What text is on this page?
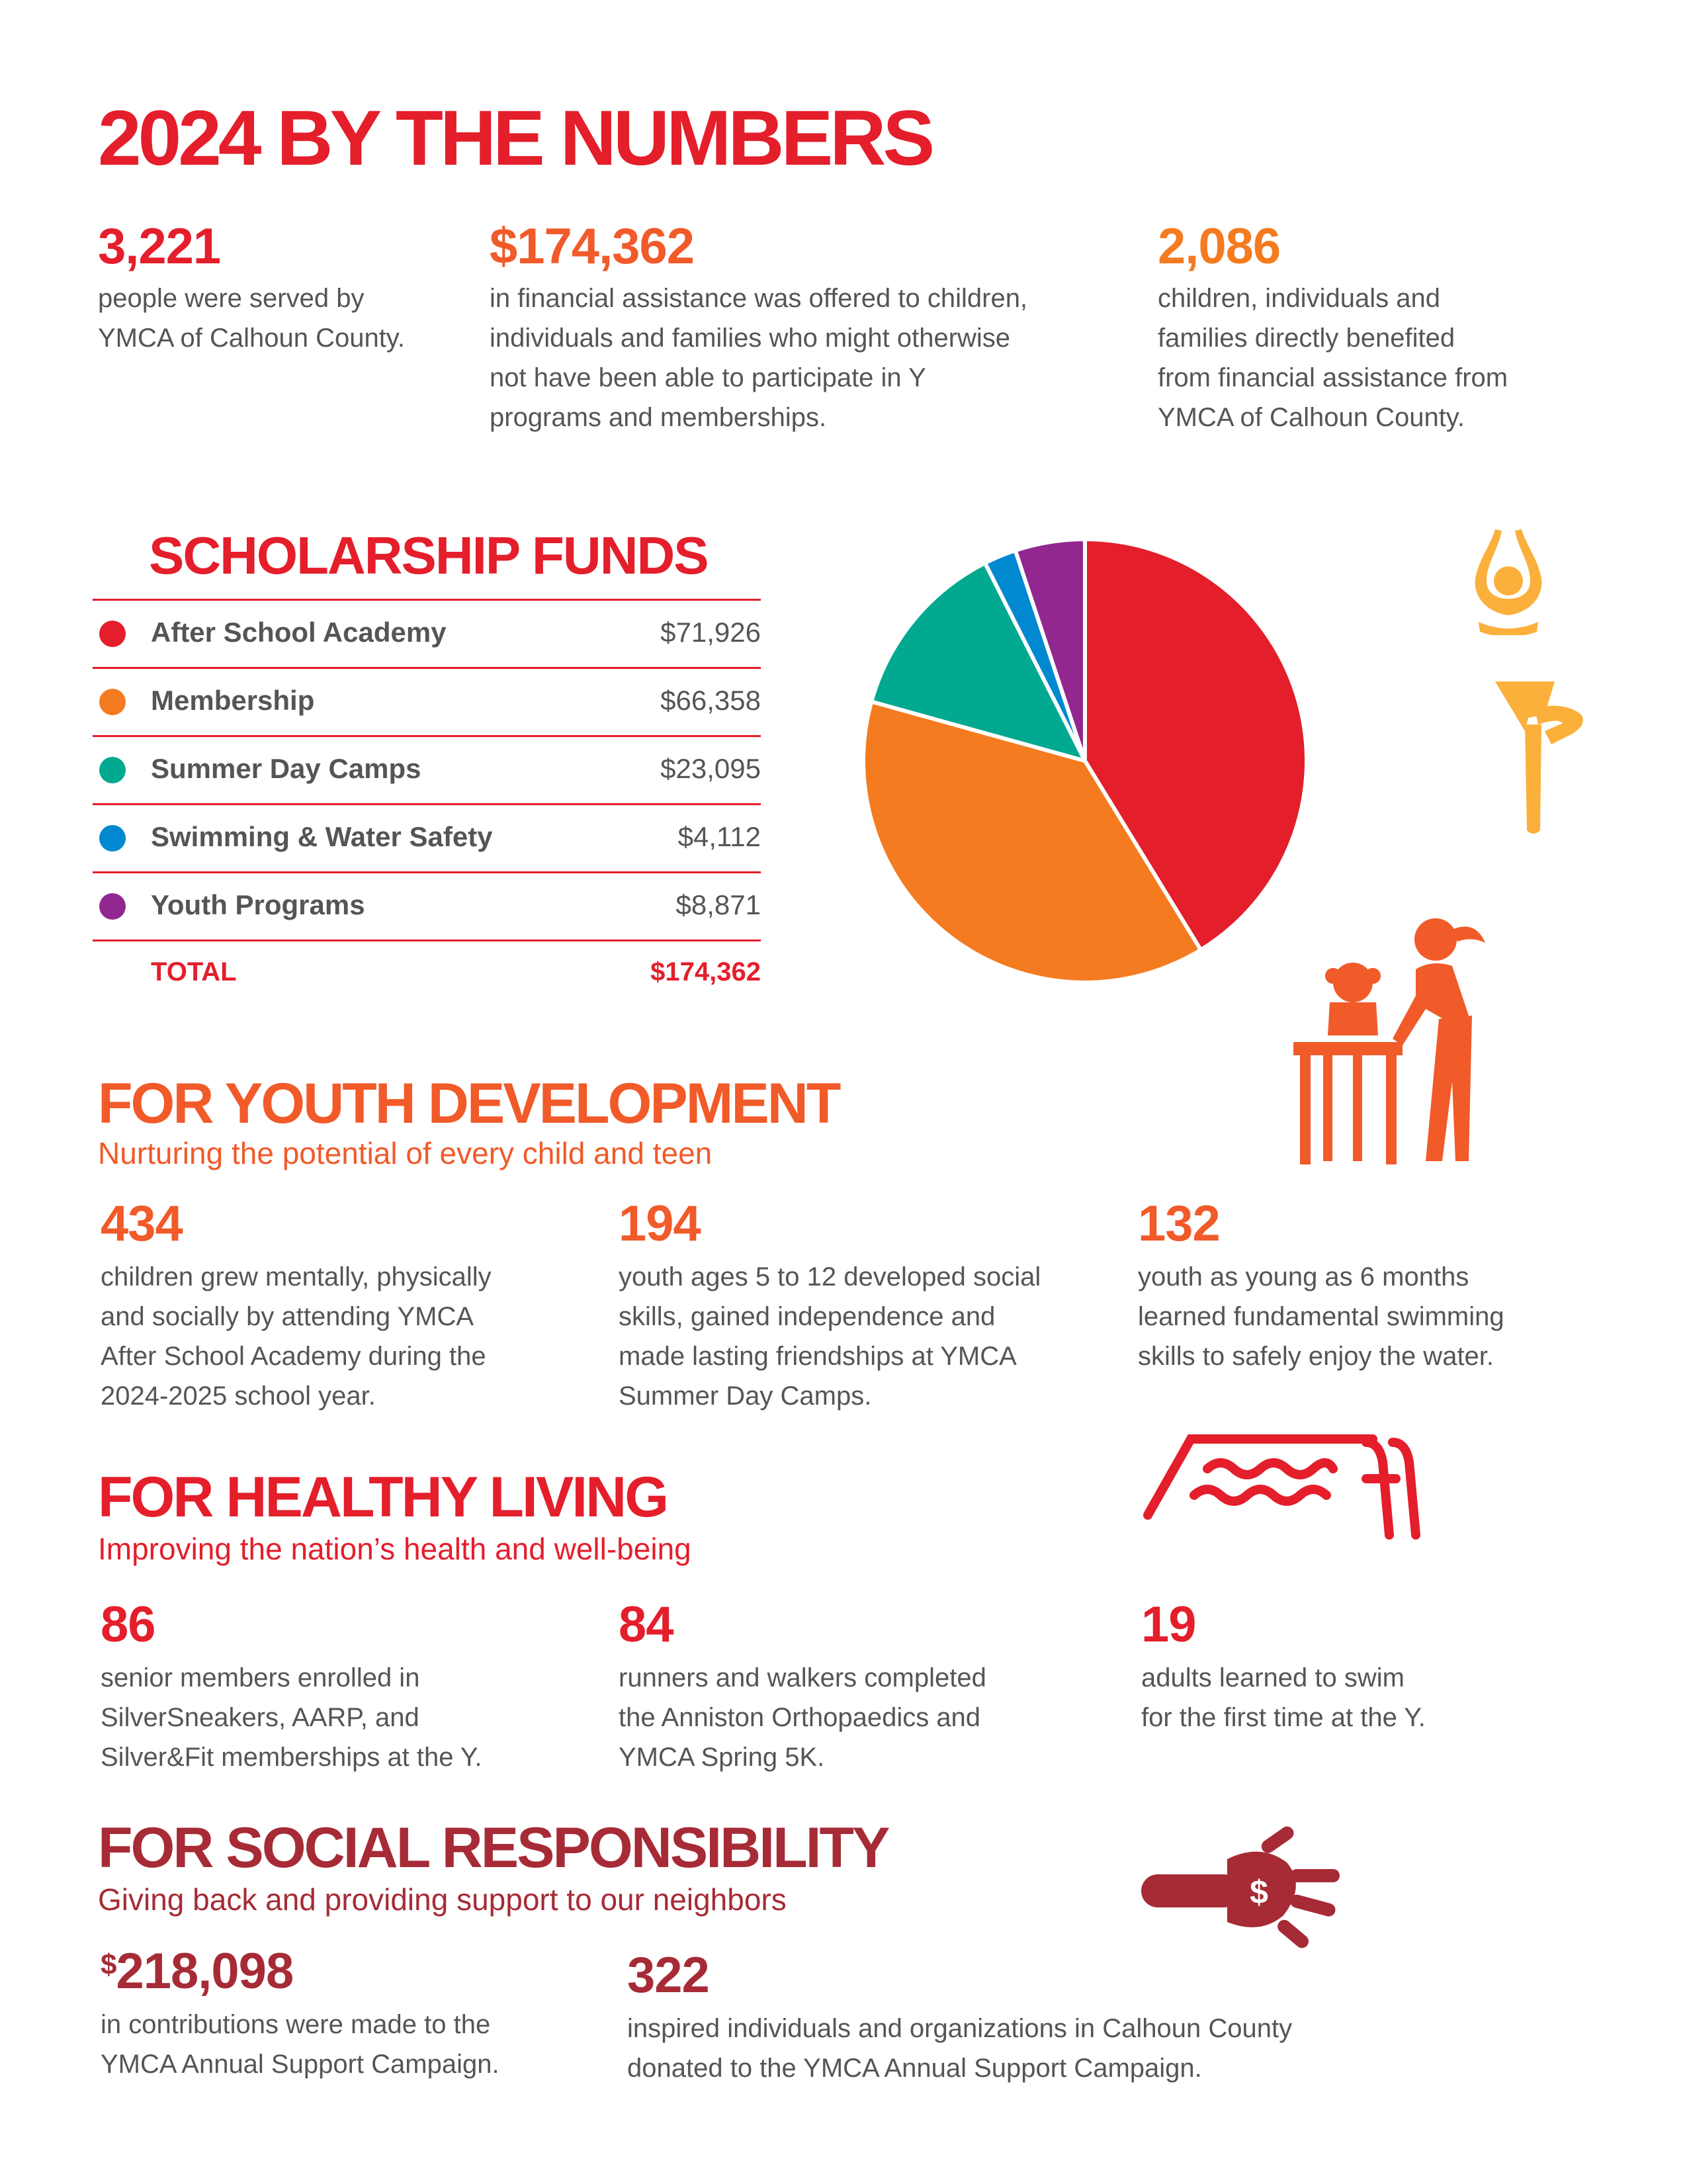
2024 BY THE NUMBERS
3,221
people were served by
YMCA of Calhoun County.
$174,362
in financial assistance was offered to children,
individuals and families who might otherwise
not have been able to participate in Y
programs and memberships.
2,086
children, individuals and
families directly benefited
from financial assistance from
YMCA of Calhoun County.
SCHOLARSHIP FUNDS
After School Academy	$71,926
Membership	$66,358
Summer Day Camps	$23,095
Swimming & Water Safety	$4,112
Youth Programs	$8,871
TOTAL	$174,362
$
FOR YOUTH DEVELOPMENT
Nurturing the potential of every child and teen
434
children grew mentally, physically
and socially by attending YMCA
After School Academy during the
2024-2025 school year.
194
youth ages 5 to 12 developed social
skills, gained independence and
made lasting friendships at YMCA
Summer Day Camps.
132
youth as young as 6 months
learned fundamental swimming
skills to safely enjoy the water.
FOR HEALTHY LIVING
Improving the nation’s health and well-being
86
senior members enrolled in
SilverSneakers, AARP, and
Silver&Fit memberships at the Y.
84
runners and walkers completed
the Anniston Orthopaedics and
YMCA Spring 5K.
19
adults learned to swim
for the first time at the Y.
FOR SOCIAL RESPONSIBILITY
Giving back and providing support to our neighbors
$218,098
in contributions were made to the
YMCA Annual Support Campaign.
322
inspired individuals and organizations in Calhoun County
donated to the YMCA Annual Support Campaign.
